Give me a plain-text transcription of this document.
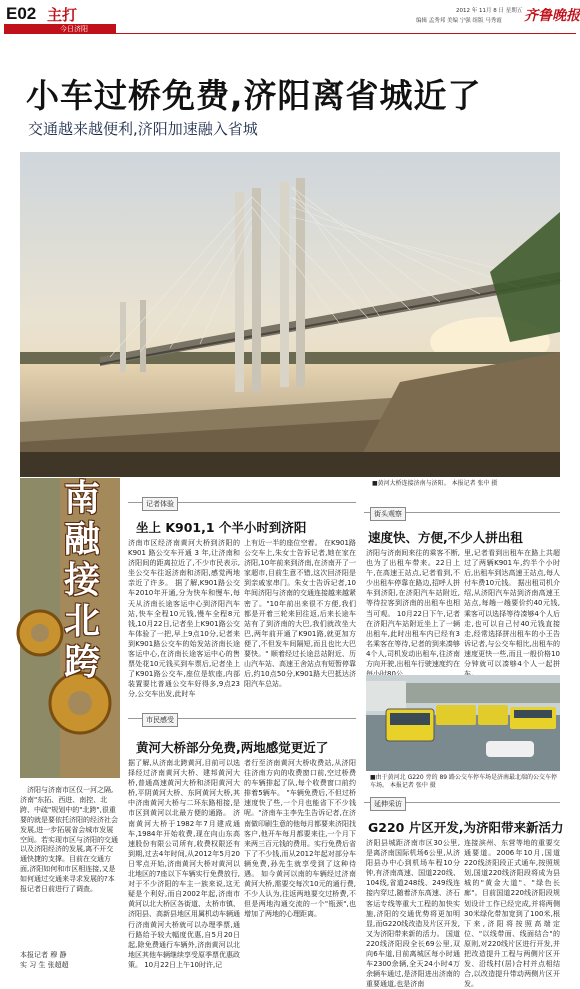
E02 主打
今日济阳
2012 年 11月 8 日 星期五
编辑 孟秀邦 美编 宁强 组版 马秀霞 齐鲁晚报
小车过桥免费,济阳离省城近了
交通越来越便利,济阳加速融入省城
■黄河大桥连接济南与济阳。 本报记者 张中 摄
南融接北跨
济阳与济南市区仅一河之隔,济南"东拓、西进、南控、北跨、中疏"规划中的"北跨",很重要的就是要依托济阳的经济社会发展,进一步拓展省会城市发展空间。若实现市区与济阳的交通以及济阳经济的发展,离不开交通快捷的支撑。目前在交通方面,济阳如何和市区相连接,又是如何通过交通来寻求发展的?本报记者日前进行了调查。
本报记者 穆 静
实 习 生 张超超
记者体验
坐上 K901,1 个半小时到济阳
济南市区经济南黄河大桥到济阳的 K901 路公交车开通 3 年,让济南和济阳间的距离拉近了,不少市民表示,坐公交车往返济南和济阳,感觉两地亲近了许多。 据了解,K901路公交车2010年开通,分为快车和慢车,每天从济南长途客运中心到济阳汽车站,快车全程10元钱,慢车全程8元钱,10月22日,记者坐上K901路公交车体验了一把,早上9点10分,记者来到K901路公交车的始发站济南长途客运中心,在济南长途客运中心的售票处花10元钱买到车票后,记者坐上了K901路公交车,座位是软座,内部装置要比普通公交车好得多,9点23分,公交车出发,此时车
上有近一半的座位空着。 在K901路公交车上,朱女士告诉记者,她在家在济阳,10年前来到济南,在济南开了一家超市,目前生意不错,这次回济阳是到亲戚家串门。朱女士告诉记者,10年间济阳与济南的交通连接越来越紧密了。"10年前出来很不方便,我们都是开着三轮来回往返,后来长途车站有了到济南的大巴,我们就改坐大巴,两年前开通了K901路,就更加方便了,不但发车间隔短,而且也比大巴要快。" 顺着经过长途总站附近、历山汽车站、高速王舍站点有短暂停靠后,约10点50分,K901路大巴抵达济阳汽车总站。
街头观察
速度快、方便,不少人拼出租
济阳与济南间来往的乘客不断,也为了出租车带来。22日上午,在高速王站点,记者看到,不少出租车停靠在路边,招呼人拼车到济阳,在济阳汽车站附近,等待拉客到济南的出租车也相当可观。 10月22日下午,记者在济阳汽车站附近坐上了一辆出租车,此时出租车内已经有3名乘客在等待,记者的到来凑够4个人,司机发动出租车,往济南方向开驶,出租车行驶速度约在
里,记者看到出租车在路上共超过了两辆K901车,约半个小时后,出租车到达高速王站点,每人付车费10元钱。 据出租司机介绍,从济阳汽车站到济南高速王站点,每趟一趟要价约40元钱,乘客可以选择等待凑够4个人后走,也可以自己付40元钱直接走,经常选择拼出租车的小王告诉记者,与公交车相比,出租车的速度更快一些,而且一般价格10分钟就可以凑够4个人一起拼
■由于黄河北 G220 旁的 89 路公交车停车场是济南最北端的公交车停车场。 本报记者 张中 摄
市民感受
黄河大桥部分免费,两地感觉更近了
据了解,从济南北跨黄河,目前可以选择经过济南黄河大桥、建邦黄河大桥,普通高速黄河大桥和济阳黄河大桥,平阴黄河大桥、东阿黄河大桥,其中济南黄河大桥与二环东路相接,是市区到黄河以北最方便的通路。 济南黄河大桥于1982年7月建成通车,1984年开始收费,现在向山东高速股份有限公司所有,收费权限还有到期,过去4年时间,从2012年5月20日零点开始,济南黄河大桥对黄河以北地区的7座以下车辆实行免费放行,对于不少济阳的车主一族来说,这无疑是个利好,而自2002年起,济南市黄河以北大桥区各街道、太桥市镇、济阳县、高新县地区用属机动车辆通行济南黄河大桥就可以办理季票,通行路给予较大幅度优惠,自5月20日起,除免费通行车辆外,济南黄河以北地区其他车辆继续享受原季票优惠政策。 10月22日上午10时许,记
者行至济南黄河大桥收费站,从济阳往济南方向的收费窗口前,空过桥费的车辆排起了队,每个收费窗口前约排着5辆车。 "车辆免费后,不但过桥速度快了些,一个月也能省下不少钱呢。"济南车主李先生告诉记者,在济南做印刷生意的他每月都要来济阳找客户,他开车每月都要来往,一个月下来两三百元钱的费用。实行免费后省下了不少钱,而从2012年起对部分车辆免费,孙先生就享受到了这种待遇。 如今黄河以南的车辆经过济南黄河大桥,需要交每次10元的通行费,不少人认为,往返两地要交过桥费,不但是两地沟通交流的一个"瓶颈",也增加了两地的心理距离。
延伸采访
G220 片区开发,为济阳带来新活力
济阳县城距济南市区30公里,是离济南国际机场6公里,从济阳县办中心到机场车程10分钟,有济南高速、国道220线、104线,省道248线、249线连接内穿过,随着济东高速、济石客运专线等重大工程的加快实施,济阳的交通优势将更加明显,而G220线改造及片区开发,又为济阳带来新的活力。 国道220线济阳段全长69公里,双向6车道,目前离城区每小时通车2300余辆,全天24小时4万余辆车通过,是济阳进出济南的重要通道,也是济南
连接滨州、东营等地的重要交通要道。2006年10月,国道220线济阳段正式通车,按照规划,国道220线济阳段将成为县城的"黄金大道"、"绿色长廊"。目前国道220线济阳段规划设计工作已经完成,并将两侧30米绿化带加宽到了100米,根下来,济阳将按照高端定位、"以线带面、线面结合"的原则,对220线片区进行开发,并把改造提升工程与两侧片区开发、沿线村(居)合村并点相结合,以改造提升带动两侧片区开发。
